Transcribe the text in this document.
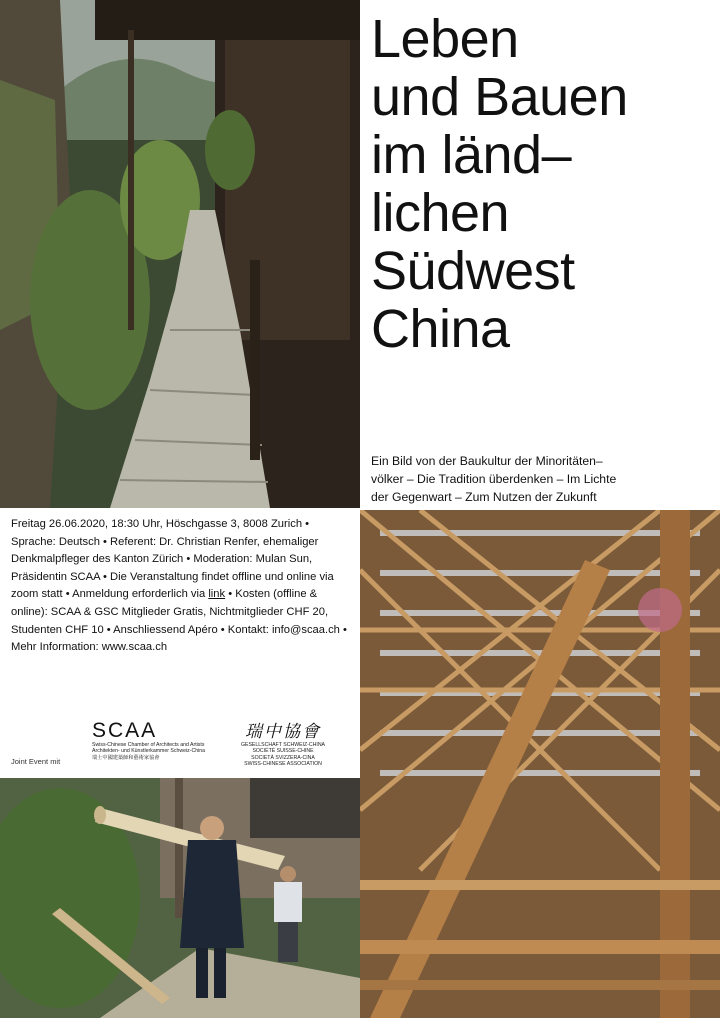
Leben
und Bauen
im länd–
lichen
Südwest
China
Ein Bild von der Baukultur der Minoritäten–
völker – Die Tradition überdenken – Im Lichte
der Gegenwart – Zum Nutzen der Zukunft
Freitag 26.06.2020, 18:30 Uhr, Höschgasse 3, 8008 Zurich • Sprache: Deutsch • Referent: Dr. Christian Renfer, ehemaliger Denkmalpfleger des Kanton Zürich • Moderation: Mulan Sun, Präsidentin SCAA • Die Veranstaltung findet offline und online via zoom statt • Anmeldung erforderlich via link • Kosten (offline & online): SCAA & GSC Mitglieder Gratis, Nichtmitglieder CHF 20, Studenten CHF 10 • Anschliessend Apéro • Kontakt: info@scaa.ch • Mehr Information: www.scaa.ch
Joint Event mit
SCAA
Swiss-Chinese Chamber of Architects and Artists
Architekten- und Künstlerkammer Schweiz-China
瑞士中國建築師和藝術家協會
瑞中協會
GESELLSCHAFT SCHWEIZ-CHINA
SOCIÉTÉ SUISSE-CHINE
SOCIETÀ SVIZZERA-CINA
SWISS-CHINESE ASSOCIATION
